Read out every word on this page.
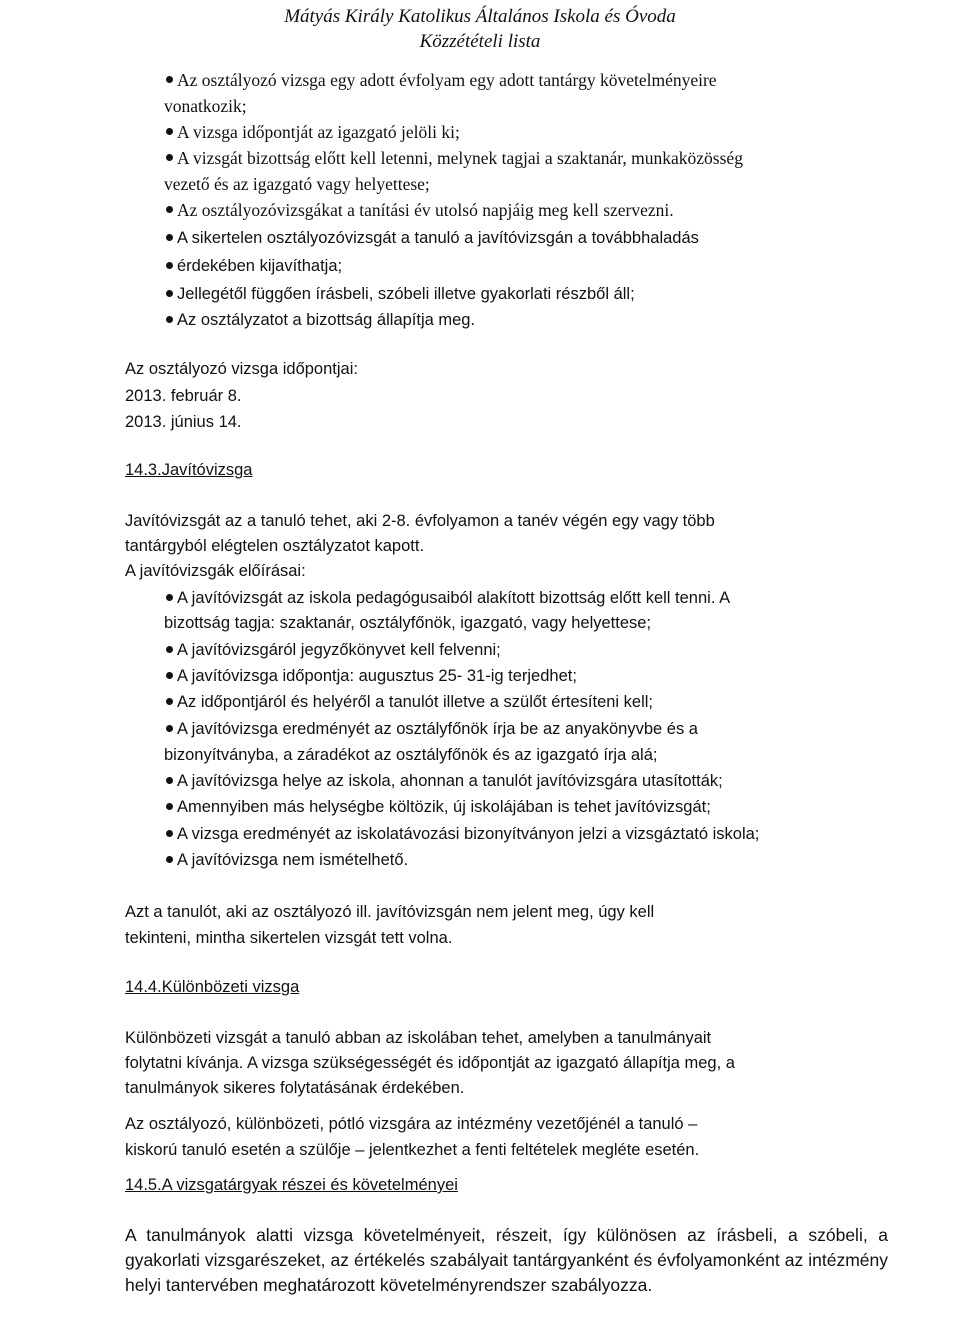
Mátyás Király Katolikus Általános Iskola és Óvoda
Közzétételi lista
Az osztályozó vizsga egy adott évfolyam egy adott tantárgy követelményeire
vonatkozik;
A vizsga időpontját az igazgató jelöli ki;
A vizsgát bizottság előtt kell letenni, melynek tagjai a szaktanár, munkaközösség
vezető és az igazgató vagy helyettese;
Az osztályozóvizsgákat a tanítási év utolsó napjáig meg kell szervezni.
A sikertelen osztályozóvizsgát a tanuló a javítóvizsgán a továbbhaladás
érdekében kijavíthatja;
Jellegétől függően írásbeli, szóbeli illetve gyakorlati részből áll;
Az osztályzatot a bizottság állapítja meg.
Az osztályozó vizsga időpontjai:
2013. február 8.
2013. június 14.
14.3.Javítóvizsga
Javítóvizsgát az a tanuló tehet, aki 2-8. évfolyamon a tanév végén egy vagy több
tantárgyból elégtelen osztályzatot kapott.
A javítóvizsgák előírásai:
A javítóvizsgát az iskola pedagógusaiból alakított bizottság előtt kell tenni. A
bizottság tagja: szaktanár, osztályfőnök, igazgató, vagy helyettese;
A javítóvizsgáról jegyzőkönyvet kell felvenni;
A javítóvizsga időpontja: augusztus 25- 31-ig terjedhet;
Az időpontjáról és helyéről a tanulót illetve a szülőt értesíteni kell;
A javítóvizsga eredményét az osztályfőnök írja be az anyakönyvbe és a
bizonyítványba, a záradékot az osztályfőnök és az igazgató írja alá;
A javítóvizsga helye az iskola, ahonnan a tanulót javítóvizsgára utasították;
Amennyiben más helységbe költözik, új iskolájában is tehet javítóvizsgát;
A vizsga eredményét az iskolatávozási bizonyítványon jelzi a vizsgáztató iskola;
A javítóvizsga nem ismételhető.
Azt a tanulót, aki az osztályozó ill. javítóvizsgán nem jelent meg, úgy kell
tekinteni, mintha sikertelen vizsgát tett volna.
14.4.Különbözeti vizsga
Különbözeti vizsgát a tanuló abban az iskolában tehet, amelyben a tanulmányait
folytatni kívánja. A vizsga szükségességét és időpontját az igazgató állapítja meg, a
tanulmányok sikeres folytatásának érdekében.
Az osztályozó, különbözeti, pótló vizsgára az intézmény vezetőjénél a tanuló –
kiskorú tanuló esetén a szülője – jelentkezhet a fenti feltételek megléte esetén.
14.5.A vizsgatárgyak részei és követelményei
A tanulmányok alatti vizsga követelményeit, részeit, így különösen az írásbeli, a szóbeli, a gyakorlati vizsgarészeket, az értékelés szabályait tantárgyanként és évfolyamonként az intézmény helyi tantervében meghatározott követelményrendszer szabályozza.
